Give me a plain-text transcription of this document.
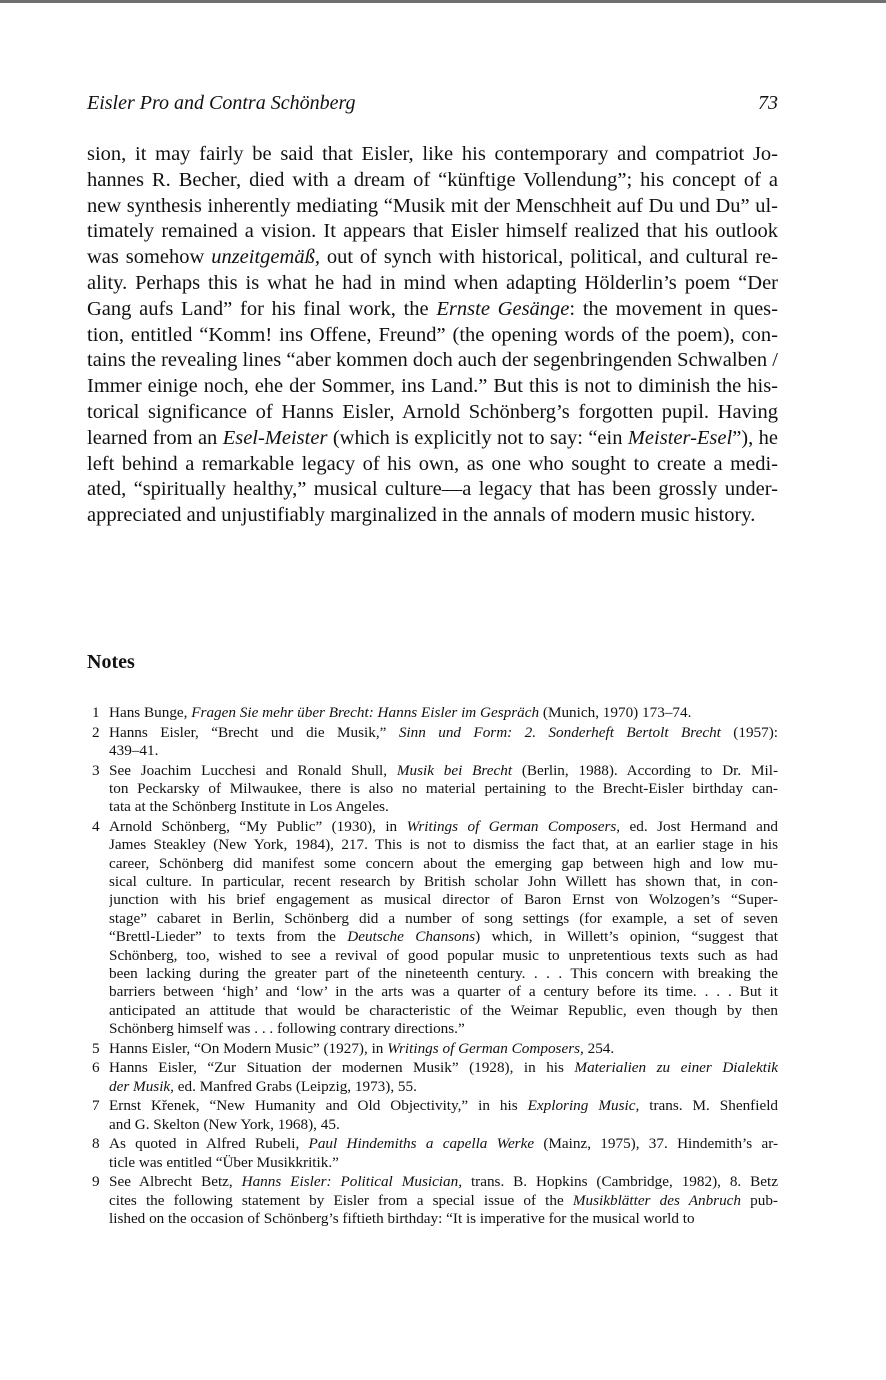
Eisler Pro and Contra Schönberg	73
sion, it may fairly be said that Eisler, like his contemporary and compatriot Jo-
hannes R. Becher, died with a dream of “künftige Vollendung”; his concept of a
new synthesis inherently mediating “Musik mit der Menschheit auf Du und Du” ul-
timately remained a vision. It appears that Eisler himself realized that his outlook
was somehow unzeitgemäß, out of synch with historical, political, and cultural re-
ality. Perhaps this is what he had in mind when adapting Hölderlin’s poem “Der
Gang aufs Land” for his final work, the Ernste Gesänge: the movement in ques-
tion, entitled “Komm! ins Offene, Freund” (the opening words of the poem), con-
tains the revealing lines “aber kommen doch auch der segenbringenden Schwalben /
Immer einige noch, ehe der Sommer, ins Land.” But this is not to diminish the his-
torical significance of Hanns Eisler, Arnold Schönberg’s forgotten pupil. Having
learned from an Esel-Meister (which is explicitly not to say: “ein Meister-Esel”), he
left behind a remarkable legacy of his own, as one who sought to create a medi-
ated, “spiritually healthy,” musical culture—a legacy that has been grossly under-
appreciated and unjustifiably marginalized in the annals of modern music history.
Notes
1 Hans Bunge, Fragen Sie mehr über Brecht: Hanns Eisler im Gespräch (Munich, 1970) 173–74.
2 Hanns Eisler, “Brecht und die Musik,” Sinn und Form: 2. Sonderheft Bertolt Brecht (1957):
439–41.
3 See Joachim Lucchesi and Ronald Shull, Musik bei Brecht (Berlin, 1988). According to Dr. Mil-
ton Peckarsky of Milwaukee, there is also no material pertaining to the Brecht-Eisler birthday can-
tata at the Schönberg Institute in Los Angeles.
4 Arnold Schönberg, “My Public” (1930), in Writings of German Composers, ed. Jost Hermand and
James Steakley (New York, 1984), 217. This is not to dismiss the fact that, at an earlier stage in his
career, Schönberg did manifest some concern about the emerging gap between high and low mu-
sical culture. In particular, recent research by British scholar John Willett has shown that, in con-
junction with his brief engagement as musical director of Baron Ernst von Wolzogen’s “Super-
stage” cabaret in Berlin, Schönberg did a number of song settings (for example, a set of seven
“Brettl-Lieder” to texts from the Deutsche Chansons) which, in Willett’s opinion, “suggest that
Schönberg, too, wished to see a revival of good popular music to unpretentious texts such as had
been lacking during the greater part of the nineteenth century. . . . This concern with breaking the
barriers between ‘high’ and ‘low’ in the arts was a quarter of a century before its time. . . . But it
anticipated an attitude that would be characteristic of the Weimar Republic, even though by then
Schönberg himself was . . . following contrary directions.”
5 Hanns Eisler, “On Modern Music” (1927), in Writings of German Composers, 254.
6 Hanns Eisler, “Zur Situation der modernen Musik” (1928), in his Materialien zu einer Dialektik
der Musik, ed. Manfred Grabs (Leipzig, 1973), 55.
7 Ernst Křenek, “New Humanity and Old Objectivity,” in his Exploring Music, trans. M. Shenfield
and G. Skelton (New York, 1968), 45.
8 As quoted in Alfred Rubeli, Paul Hindemiths a capella Werke (Mainz, 1975), 37. Hindemith’s ar-
ticle was entitled “Über Musikkritik.”
9 See Albrecht Betz, Hanns Eisler: Political Musician, trans. B. Hopkins (Cambridge, 1982), 8. Betz
cites the following statement by Eisler from a special issue of the Musikblätter des Anbruch pub-
lished on the occasion of Schönberg’s fiftieth birthday: “It is imperative for the musical world to
